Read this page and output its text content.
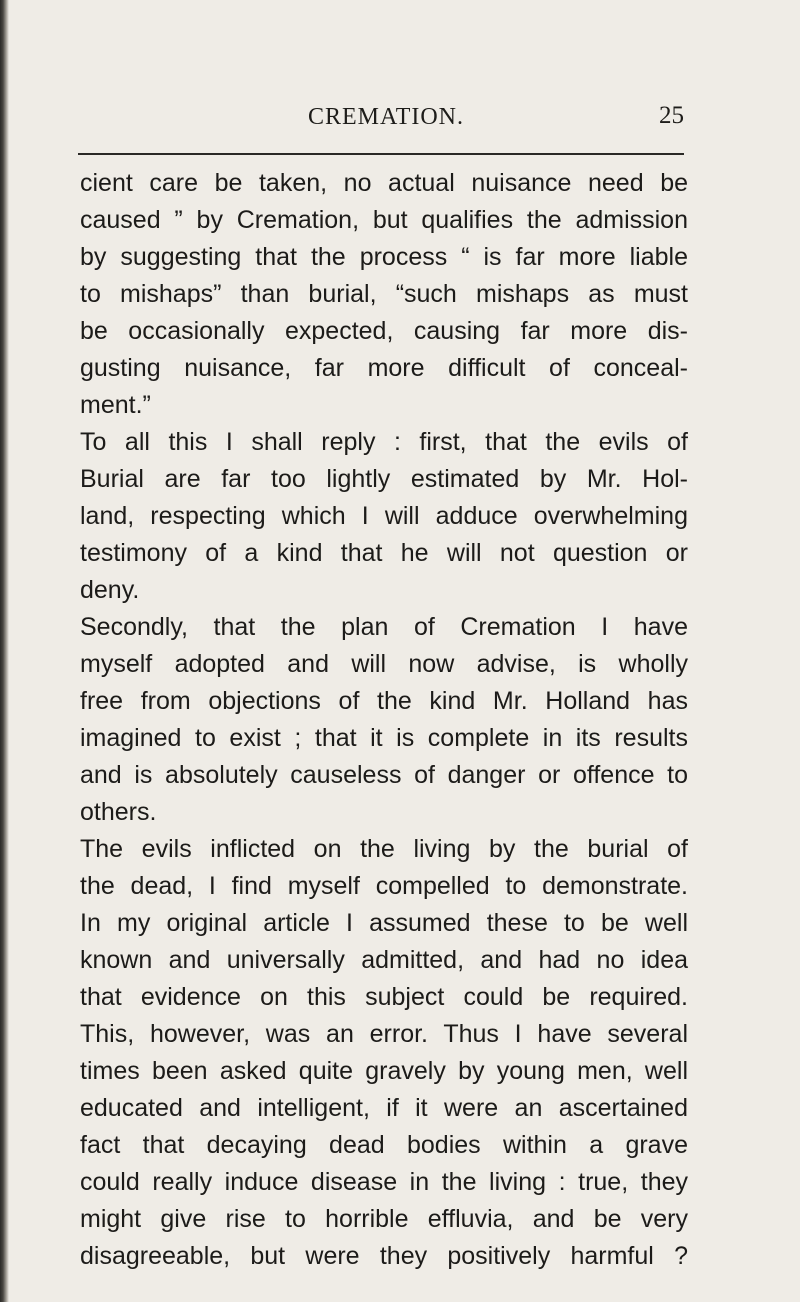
CREMATION.	25
cient care be taken, no actual nuisance need be
caused ” by Cremation, but qualifies the admission
by suggesting that the process “ is far more liable
to mishaps” than burial, “such mishaps as must
be occasionally expected, causing far more dis-
gusting nuisance, far more difficult of conceal-
ment.”
To all this I shall reply : first, that the evils of
Burial are far too lightly estimated by Mr. Hol-
land, respecting which I will adduce overwhelming
testimony of a kind that he will not question or
deny.
Secondly, that the plan of Cremation I have
myself adopted and will now advise, is wholly
free from objections of the kind Mr. Holland has
imagined to exist ; that it is complete in its results
and is absolutely causeless of danger or offence to
others.
The evils inflicted on the living by the burial of
the dead, I find myself compelled to demonstrate.
In my original article I assumed these to be well
known and universally admitted, and had no idea
that evidence on this subject could be required.
This, however, was an error. Thus I have several
times been asked quite gravely by young men, well
educated and intelligent, if it were an ascertained
fact that decaying dead bodies within a grave
could really induce disease in the living : true, they
might give rise to horrible effluvia, and be very
disagreeable, but were they positively harmful ?
